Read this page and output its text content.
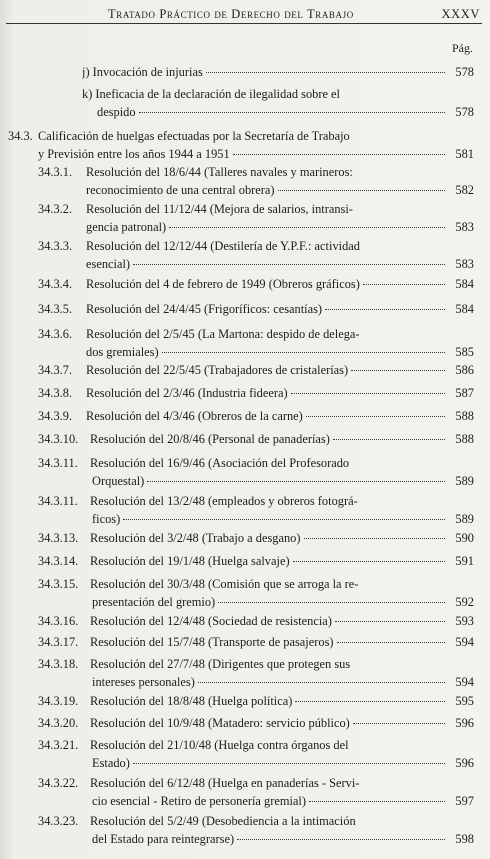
Tratado Práctico de Derecho del Trabajo	XXXV
Pág.
j) Invocación de injurias	578
k) Ineficacia de la declaración de ilegalidad sobre el
despido	578
34.3. Calificación de huelgas efectuadas por la Secretaría de Trabajo
y Previsión entre los años 1944 a 1951	581
34.3.1.	Resolución del 18/6/44 (Talleres navales y marineros:
reconocimiento de una central obrera)	582
34.3.2.	Resolución del 11/12/44 (Mejora de salarios, intransi-
gencia patronal)	583
34.3.3.	Resolución del 12/12/44 (Destilería de Y.P.F.: actividad
esencial)	583
34.3.4.	Resolución del 4 de febrero de 1949 (Obreros gráficos)	584
34.3.5.	Resolución del 24/4/45 (Frigoríficos: cesantías)	584
34.3.6.	Resolución del 2/5/45 (La Martona: despido de delega-
dos gremiales)	585
34.3.7.	Resolución del 22/5/45 (Trabajadores de cristalerías)	586
34.3.8.	Resolución del 2/3/46 (Industria fideera)	587
34.3.9.	Resolución del 4/3/46 (Obreros de la carne)	588
34.3.10. Resolución del 20/8/46 (Personal de panaderías)	588
34.3.11. Resolución del 16/9/46 (Asociación del Profesorado
Orquestal)	589
34.3.11. Resolución del 13/2/48 (empleados y obreros fotográ-
ficos)	589
34.3.13. Resolución del 3/2/48 (Trabajo a desgano)	590
34.3.14. Resolución del 19/1/48 (Huelga salvaje)	591
34.3.15. Resolución del 30/3/48 (Comisión que se arroga la re-
presentación del gremio)	592
34.3.16. Resolución del 12/4/48 (Sociedad de resistencia)	593
34.3.17. Resolución del 15/7/48 (Transporte de pasajeros)	594
34.3.18. Resolución del 27/7/48 (Dirigentes que protegen sus
intereses personales)	594
34.3.19. Resolución del 18/8/48 (Huelga política)	595
34.3.20. Resolución del 10/9/48 (Matadero: servicio público)	596
34.3.21. Resolución del 21/10/48 (Huelga contra órganos del
Estado)	596
34.3.22. Resolución del 6/12/48 (Huelga en panaderías - Servi-
cio esencial - Retiro de personería gremial)	597
34.3.23. Resolución del 5/2/49 (Desobediencia a la intimación
del Estado para reintegrarse)	598
